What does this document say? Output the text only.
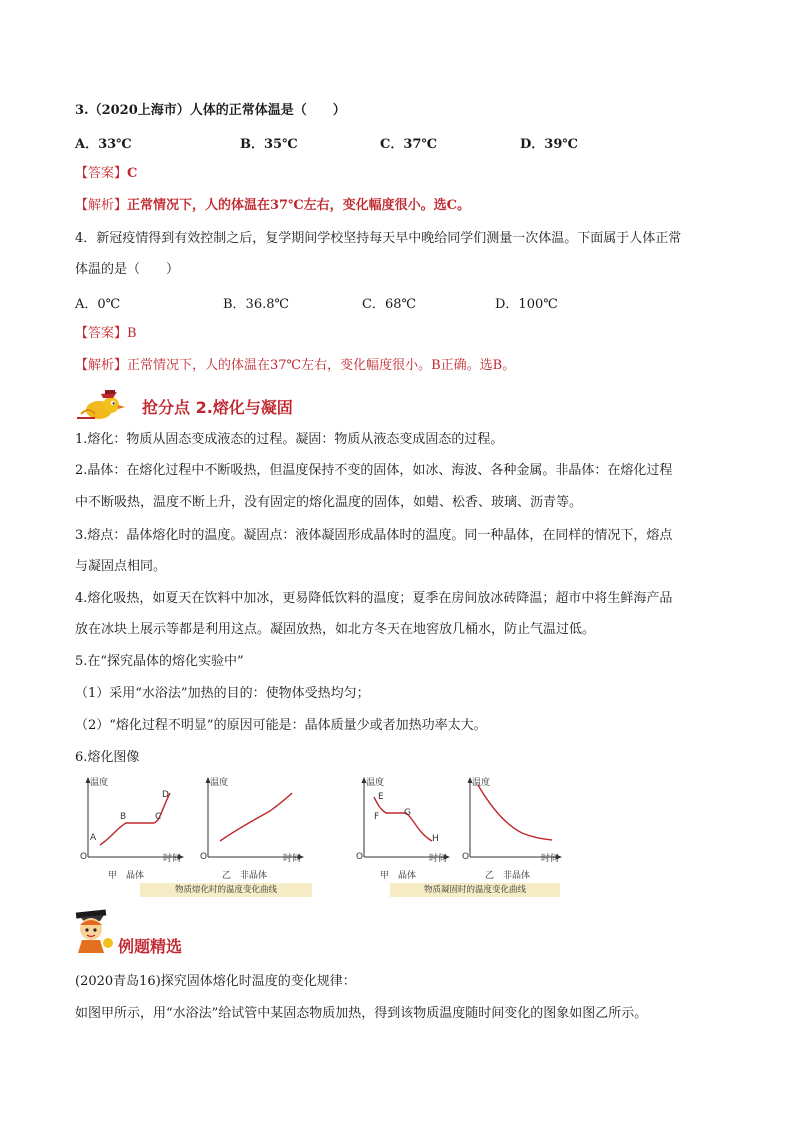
3.（2020上海市）人体的正常体温是（　　）
A．33℃	B．35℃	C．37℃	D．39℃
【答案】C
【解析】正常情况下，人的体温在37℃左右，变化幅度很小。选C。
4．新冠疫情得到有效控制之后，复学期间学校坚持每天早中晚给同学们测量一次体温。下面属于人体正常
体温的是（　　）
A．0℃	B．36.8℃	C．68℃	D．100℃
【答案】B
【解析】正常情况下，人的体温在37℃左右，变化幅度很小。B正确。选B。
抢分点 2.熔化与凝固
1.熔化：物质从固态变成液态的过程。凝固：物质从液态变成固态的过程。
2.晶体：在熔化过程中不断吸热，但温度保持不变的固体，如冰、海波、各种金属。非晶体：在熔化过程
中不断吸热，温度不断上升，没有固定的熔化温度的固体，如蜡、松香、玻璃、沥青等。
3.熔点：晶体熔化时的温度。凝固点：液体凝固形成晶体时的温度。同一种晶体，在同样的情况下，熔点
与凝固点相同。
4.熔化吸热，如夏天在饮料中加冰，更易降低饮料的温度；夏季在房间放冰砖降温；超市中将生鲜海产品
放在冰块上展示等都是利用这点。凝固放热，如北方冬天在地窖放几桶水，防止气温过低。
5.在“探究晶体的熔化实验中”
（1）采用“水浴法”加热的目的：使物体受热均匀；
（2）“熔化过程不明显”的原因可能是：晶体质量少或者加热功率太大。
6.熔化图像
温度
时间
O
A
B	C
D
甲　晶体
温度
时间
O
乙　非晶体
物质熔化时的温度变化曲线
温度
时间
O
E
F	G
H
甲　晶体
温度
时间
O
乙　非晶体
物质凝固时的温度变化曲线
例题精选
(2020青岛16)探究固体熔化时温度的变化规律：
如图甲所示，用“水浴法”给试管中某固态物质加热，得到该物质温度随时间变化的图象如图乙所示。
